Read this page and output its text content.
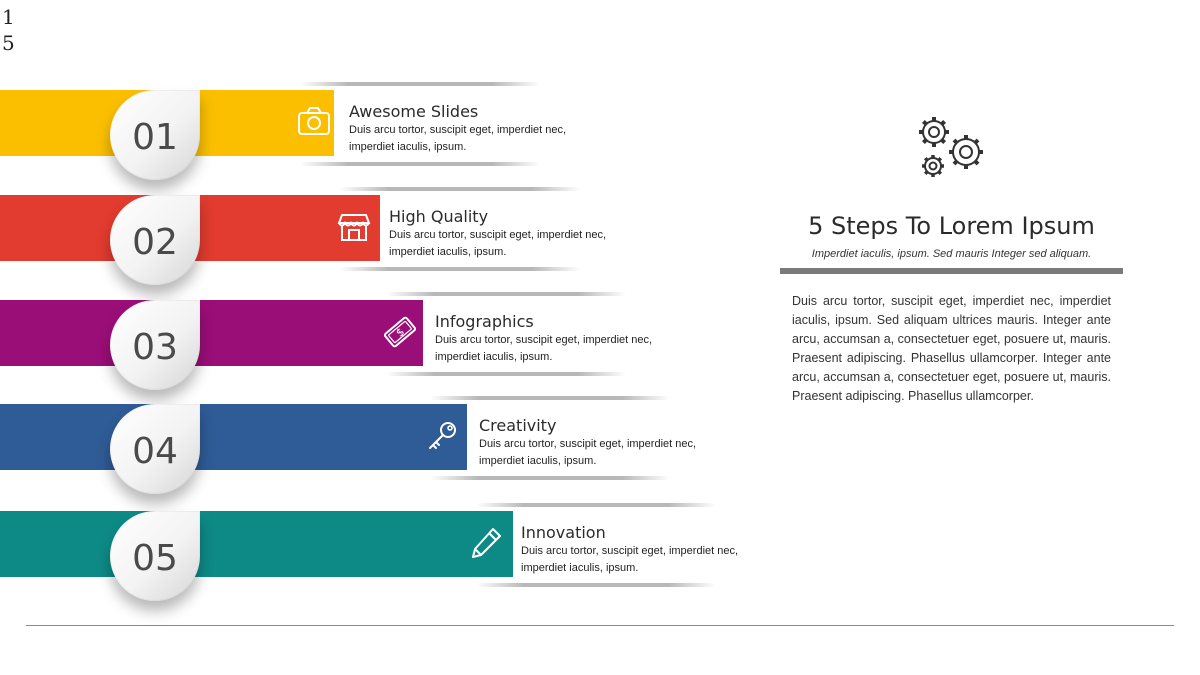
15
01
Awesome Slides
Duis arcu tortor, suscipit eget, imperdiet nec, imperdiet iaculis, ipsum.
02
High Quality
Duis arcu tortor, suscipit eget, imperdiet nec, imperdiet iaculis, ipsum.
03	$
Infographics
Duis arcu tortor, suscipit eget, imperdiet nec, imperdiet iaculis, ipsum.
04
Creativity
Duis arcu tortor, suscipit eget, imperdiet nec, imperdiet iaculis, ipsum.
05
Innovation
Duis arcu tortor, suscipit eget, imperdiet nec, imperdiet iaculis, ipsum.
5 Steps To Lorem Ipsum
Imperdiet iaculis, ipsum. Sed mauris Integer sed aliquam.
Duis arcu tortor, suscipit eget, imperdiet nec, imperdiet iaculis, ipsum. Sed aliquam ultrices mauris. Integer ante arcu, accumsan a, consectetuer eget, posuere ut, mauris. Praesent adipiscing. Phasellus ullamcorper. Integer ante arcu, accumsan a, consectetuer eget, posuere ut, mauris. Praesent adipiscing. Phasellus ullamcorper.
